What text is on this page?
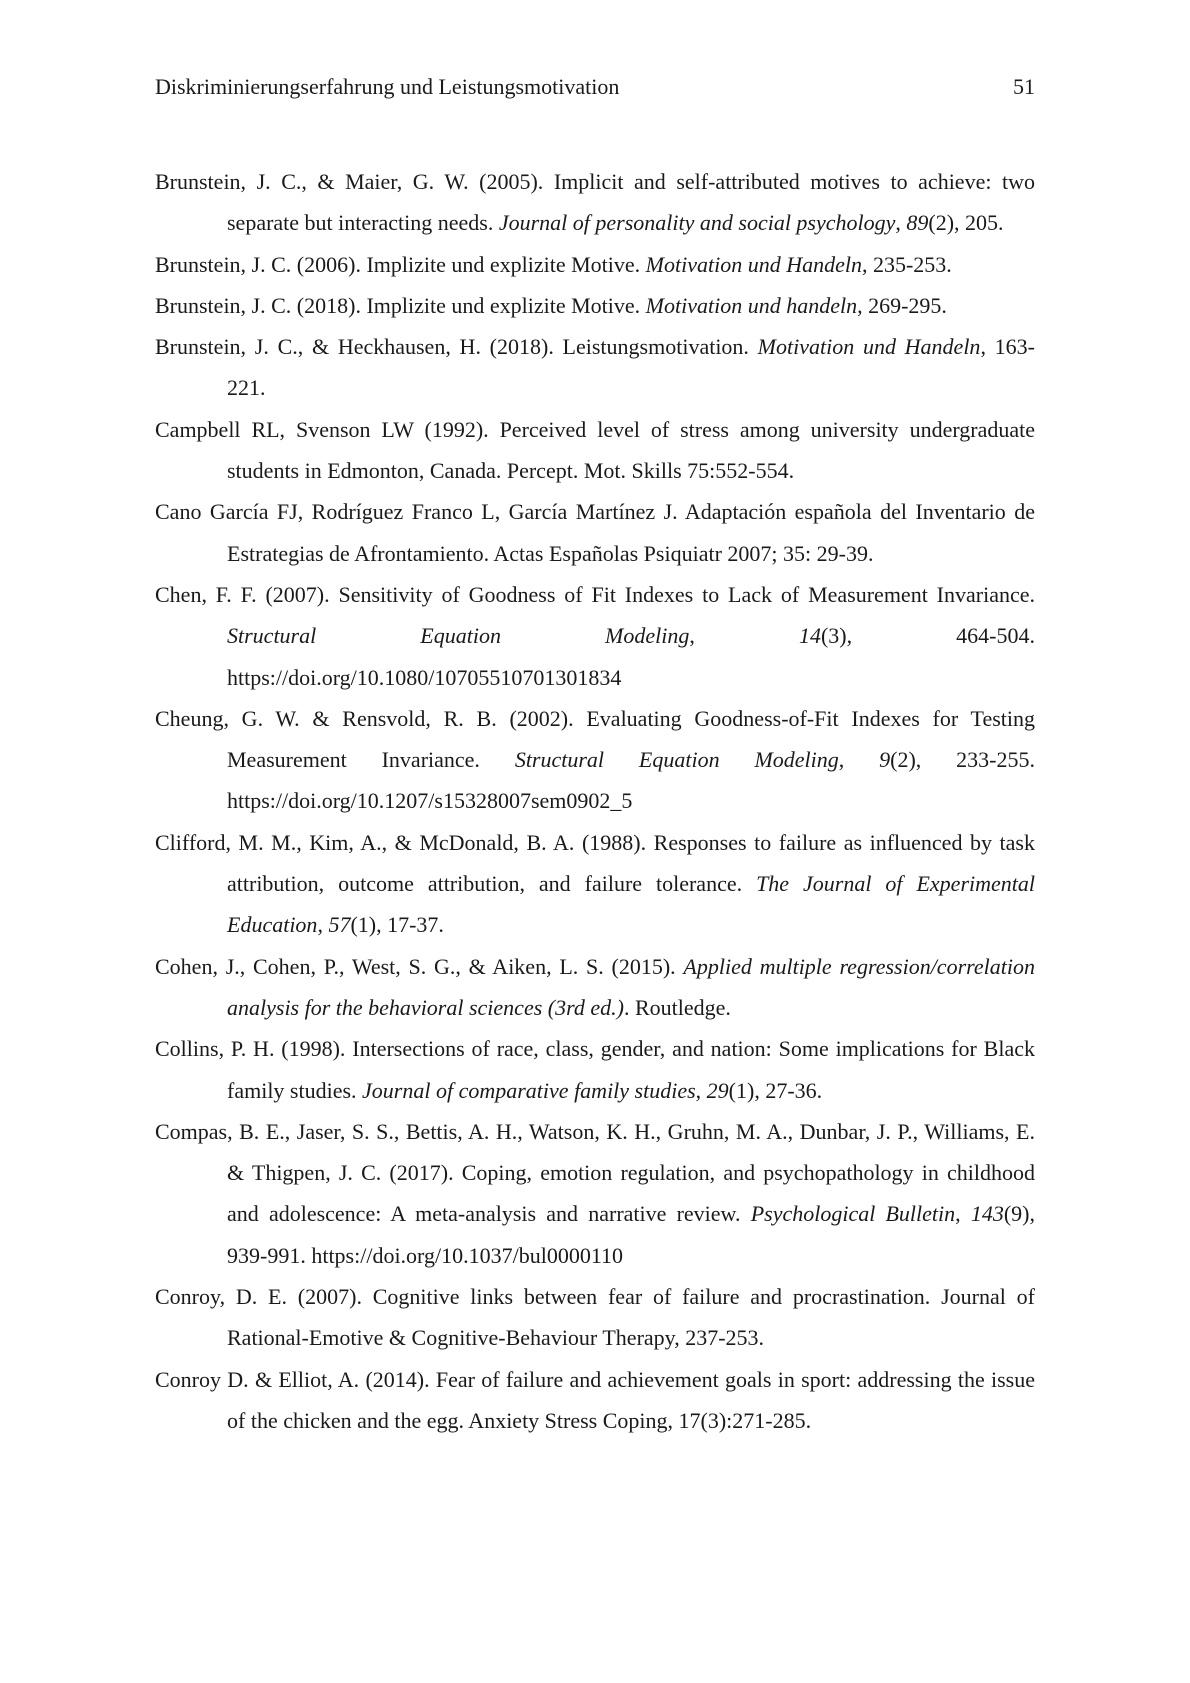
Diskriminierungserfahrung und Leistungsmotivation	51
Brunstein, J. C., & Maier, G. W. (2005). Implicit and self-attributed motives to achieve: two separate but interacting needs. Journal of personality and social psychology, 89(2), 205.
Brunstein, J. C. (2006). Implizite und explizite Motive. Motivation und Handeln, 235-253.
Brunstein, J. C. (2018). Implizite und explizite Motive. Motivation und handeln, 269-295.
Brunstein, J. C., & Heckhausen, H. (2018). Leistungsmotivation. Motivation und Handeln, 163-221.
Campbell RL, Svenson LW (1992). Perceived level of stress among university undergraduate students in Edmonton, Canada. Percept. Mot. Skills 75:552-554.
Cano García FJ, Rodríguez Franco L, García Martínez J. Adaptación española del Inventario de Estrategias de Afrontamiento. Actas Españolas Psiquiatr 2007; 35: 29-39.
Chen, F. F. (2007). Sensitivity of Goodness of Fit Indexes to Lack of Measurement Invariance. Structural Equation Modeling, 14(3), 464-504. https://doi.org/10.1080/10705510701301834
Cheung, G. W. & Rensvold, R. B. (2002). Evaluating Goodness-of-Fit Indexes for Testing Measurement Invariance. Structural Equation Modeling, 9(2), 233-255. https://doi.org/10.1207/s15328007sem0902_5
Clifford, M. M., Kim, A., & McDonald, B. A. (1988). Responses to failure as influenced by task attribution, outcome attribution, and failure tolerance. The Journal of Experimental Education, 57(1), 17-37.
Cohen, J., Cohen, P., West, S. G., & Aiken, L. S. (2015). Applied multiple regression/correlation analysis for the behavioral sciences (3rd ed.). Routledge.
Collins, P. H. (1998). Intersections of race, class, gender, and nation: Some implications for Black family studies. Journal of comparative family studies, 29(1), 27-36.
Compas, B. E., Jaser, S. S., Bettis, A. H., Watson, K. H., Gruhn, M. A., Dunbar, J. P., Williams, E. & Thigpen, J. C. (2017). Coping, emotion regulation, and psychopathology in childhood and adolescence: A meta-analysis and narrative review. Psychological Bulletin, 143(9), 939-991. https://doi.org/10.1037/bul0000110
Conroy, D. E. (2007). Cognitive links between fear of failure and procrastination. Journal of Rational-Emotive & Cognitive-Behaviour Therapy, 237-253.
Conroy D. & Elliot, A. (2014). Fear of failure and achievement goals in sport: addressing the issue of the chicken and the egg. Anxiety Stress Coping, 17(3):271-285.
